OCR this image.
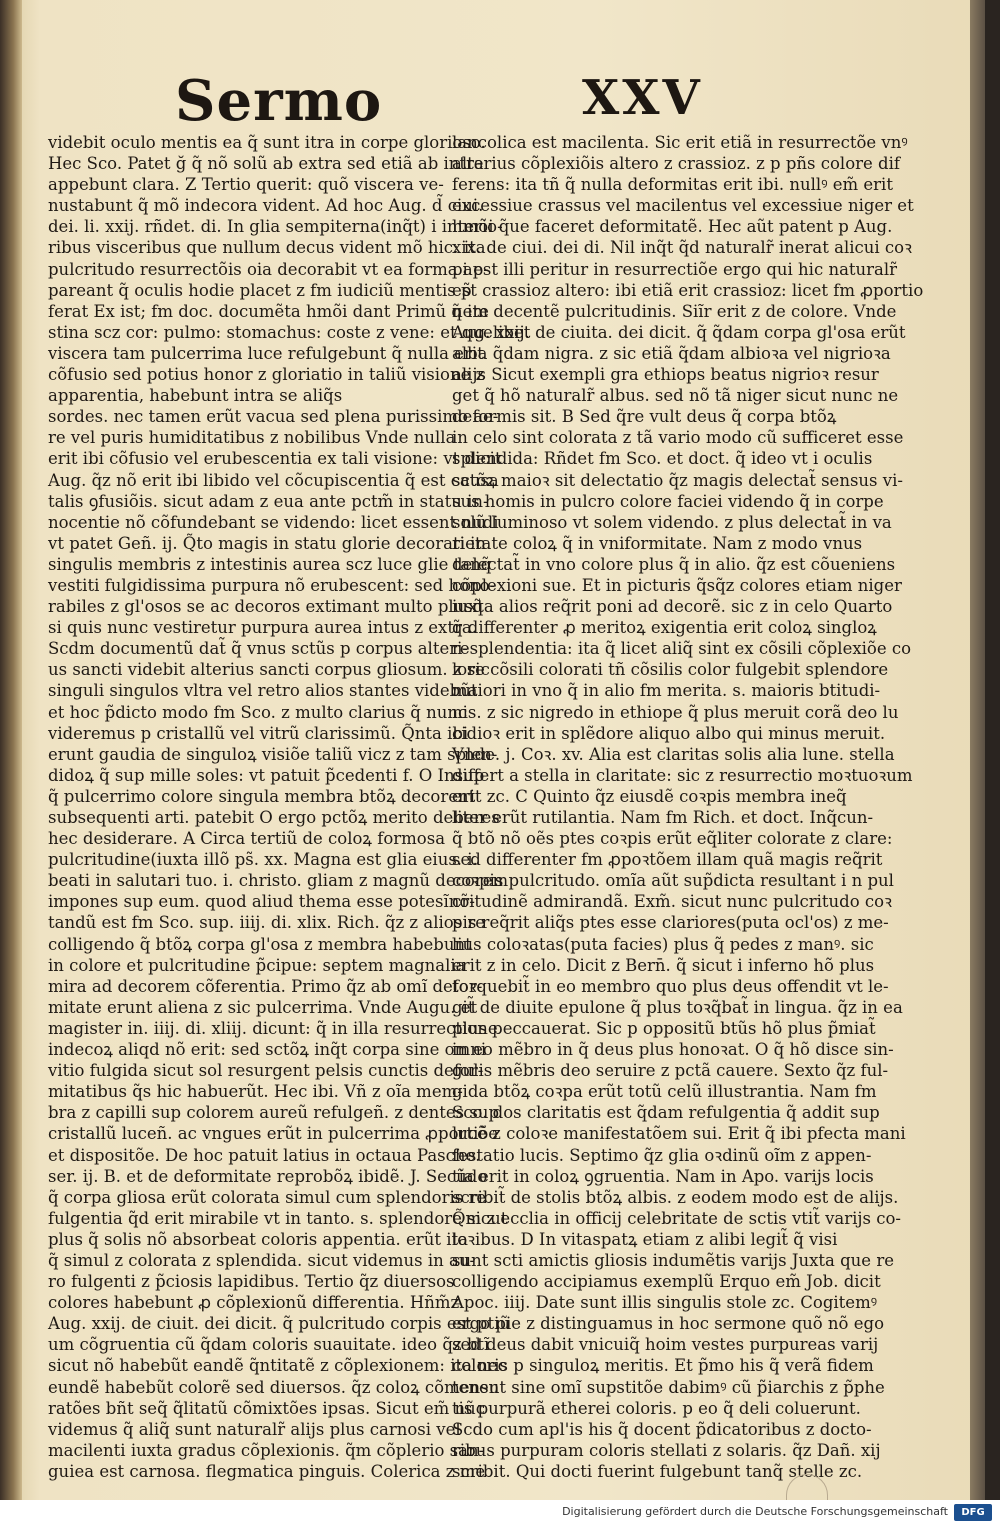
Sermo	XXV
videbit oculo mentis ea q̃ sunt itra in corpe glorioso.
Hec Sco. Patet ğ q̃ nõ solũ ab extra sed etiã ab intra
appebunt clara. Z Tertio querit: quõ viscera ve-
nustabunt q̃ mõ indecora vident. Ad hoc Aug. d̃ ciui.
dei. li. xxij. rñdet. di. In glia sempiterna(inq̃t) i interio-
ribus visceribus que nullum decus vident mõ hic: ita
pulcritudo resurrectõis oia decorabit vt ea forma ap-
pareant q̃ oculis hodie placet z fm iudiciũ mentis p̃
ferat Ex ist; fm doc. documẽta hmõi dant Primũ q̃ ite
stina scz cor: pulmo: stomachus: coste z vene: et quelibet
viscera tam pulcerrima luce refulgebunt q̃ nulla erit
cõfusio sed potius honor z gloriatio in taliũ visione z
apparentia, habebunt intra se aliq̃s
sordes. nec tamen erũt vacua sed plena purissimo ae-
re vel puris humiditatibus z nobilibus Vnde nulla
erit ibi cõfusio vel erubescentia ex tali visione: vt dicit
Aug. q̃z nõ erit ibi libido vel cõcupiscentia q̃ est causa
talis ꝯfusiõis. sicut adam z eua ante pctm̃ in statu in-
nocentie nõ cõfundebant se videndo: licet essent nudi
vt patet Geñ. ij. Q̃to magis in statu glorie decorati in
singulis membris z intestinis aurea scz luce glie tanq̃
vestiti fulgidissima purpura nõ erubescent: sed hono-
rabiles z gl'osos se ac decoros extimant multo plusq̃
si quis nunc vestiretur purpura aurea intus z extra.
Scdm documentũ dat̃ q̃ vnus sctũs p corpus alteri-
us sancti videbit alterius sancti corpus gliosum. z sic
singuli singulos vltra vel retro alios stantes videbũt
et hoc p̃dicto modo fm Sco. z multo clarius q̃ nunc
videremus p cristallũ vel vitrũ clarissimũ. Q̃nta ibi
erunt gaudia de singuloꝝ visiõe taliũ vicz z tam splen-
didoꝝ q̃ sup mille soles: vt patuit p̃cedenti f. O Insup
q̃ pulcerrimo colore singula membra btõꝝ decorent
subsequenti arti. patebit O ergo pctõꝝ merito deberes
hec desiderare. A Circa tertiũ de coloꝝ formosa
pulcritudine(iuxta illõ ps̃. xx. Magna est glia eius. i.
beati in salutari tuo. i. christo. gliam z magnũ decorem
impones sup eum. quod aliud thema esse potesĩnõ-
tandũ est fm Sco. sup. iiij. di. xlix. Rich. q̃z z alios re
colligendo q̃ btõꝝ corpa gl'osa z membra habebunt
in colore et pulcritudine p̃cipue: septem magnalia
mira ad decorem cõferentia. Primo q̃z ab omĩ defor-
mitate erunt aliena z sic pulcerrima. Vnde Augu. et
magister in. iiij. di. xliij. dicunt: q̃ in illa resurrectione
indecoꝝ aliqd nõ erit: sed sctõꝝ inq̃t corpa sine omni
vitio fulgida sicut sol resurgent pelsis cunctis defor-
mitatibus q̃s hic habuerũt. Hec ibi. Vñ z oĩa mem-
bra z capilli sup colorem aureũ refulgeñ. z dentes sup
cristallũ luceñ. ac vngues erũt in pulcerrima ꝓportiõe
et dispositõe. De hoc patuit latius in octaua Pasche.
ser. ij. B. et de deformitate reprobõꝝ ibidẽ. J. Secũdo
q̃ corpa gliosa erũt colorata simul cum splendoris re
fulgentia q̃d erit mirabile vt in tanto. s. splendore sicut
plus q̃ solis nõ absorbeat coloris appentia. erũt ita
q̃ simul z colorata z splendida. sicut videmus in au-
ro fulgenti z p̃ciosis lapidibus. Tertio q̃z diuersos
colores habebunt ꝓ cõplexionũ differentia. Hñm̃z
Aug. xxij. de ciuit. dei dicit. q̃ pulcritudo corpis est ptiũ
um cõgruentia cũ q̃dam coloris suauitate. ideo q̃z btĩ
sicut nõ habebũt eandẽ q̃ntitatẽ z cõplexionem: ita nec
eundẽ habebũt colorẽ sed diuersos. q̃z coloꝝ cõmensu
ratões bñt seq̃ q̃litatũ cõmixtões ipsas. Sicut em̃ nũc
videmus q̃ aliq̃ sunt naturalr̃ alijs plus carnosi vel
macilenti iuxta gradus cõplexionis. q̃m cõplerio san-
guiea est carnosa. flegmatica pinguis. Colerica z me
lancolica est macilenta. Sic erit etiã in resurrectõe vnꝰ
alterius cõplexiõis altero z crassioz. z p pñs colore dif
ferens: ita tñ q̃ nulla deformitas erit ibi. nullꝰ em̃ erit
excessiue crassus vel macilentus vel excessiue niger et
hmõi q̃ue faceret deformitatẽ. Hec aũt patent p Aug.
xix. de ciui. dei di. Nil inq̃t q̃d naturalr̃ inerat alicui coꝛ
pi est illi peritur in resurrectiõe ergo qui hic naturalr̃
est crassioz altero: ibi etiã erit crassioz: licet fm ꝓportio
nem decentẽ pulcritudinis. Siĩr erit z de colore. Vnde
Aug. xxij. de ciuita. dei dicit. q̃ q̃dam corpa gl'osa erũt
alba q̃dam nigra. z sic etiã q̃dam albioꝛa vel nigrioꝛa
alijs Sicut exempli gra ethiops beatus nigrioꝛ resur
get q̃ hõ naturalr̃ albus. sed nõ tã niger sicut nunc ne
deformis sit. B Sed q̃re vult deus q̃ corpa btõꝝ
in celo sint colorata z tã vario modo cũ sufficeret esse
splendida: Rñdet fm Sco. et doct. q̃ ideo vt i oculis
sctõꝝ maioꝛ sit delectatio q̃z magis delectat̃ sensus vi-
sus homis in pulcro colore faciei videndo q̃ in corpe
solũ luminoso vt solem videndo. z plus delectat̃ in va
rietate coloꝝ q̃ in vniformitate. Nam z modo vnus
delectat̃ in vno colore plus q̃ in alio. q̃z est cõueniens
cõplexioni sue. Et in picturis q̃sq̃z colores etiam niger
iuxta alios req̃rit poni ad decorẽ. sic z in celo Quarto
q̃ differenter ꝓ meritoꝝ exigentia erit coloꝝ singloꝝ
resplendentia: ita q̃ licet aliq̃ sint ex cõsili cõplexiõe co
lore cõsili colorati tñ cõsilis color fulgebit splendore
maiori in vno q̃ in alio fm merita. s. maioris btitudi-
nis. z sic nigredo in ethiope q̃ plus meruit corã deo lu
cidioꝛ erit in splẽdore aliquo albo qui minus meruit.
Vnde. j. Coꝛ. xv. Alia est claritas solis alia lune. stella
differt a stella in claritate: sic z resurrectio moꝛtuoꝛum
erit zc. C Quinto q̃z eiusdẽ coꝛpis membra ineq̃
liter erũt rutilantia. Nam fm Rich. et doct. Inq̃cun-
q̃ btõ nõ oẽs ptes coꝛpis erũt eq̃liter colorate z clare:
sed differenter fm ꝓpoꝛtõem illam quã magis req̃rit
coꝛpis pulcritudo. omĩa aũt sup̃dicta resultant i n pul
critudinẽ admirandã. Exm̃. sicut nunc pulcritudo coꝛ
pis req̃rit aliq̃s ptes esse clariores(puta ocl'os) z me-
lius coloꝛatas(puta facies) plus q̃ pedes z manꝰ. sic
erit z in celo. Dicit z Bern̄. q̃ sicut i inferno hõ plus
toꝛquebit̃ in eo membro quo plus deus offendit vt le-
git̃ de diuite epulone q̃ plus toꝛq̃bat̃ in lingua. q̃z in ea
plus peccauerat. Sic p oppositũ btũs hõ plus p̃miat̃
in eo mẽbro in q̃ deus plus honoꝛat. O q̃ hõ disce sin-
gulis mẽbris deo seruire z pctã cauere. Sexto q̃z ful-
gida btõꝝ coꝛpa erũt totũ celũ illustrantia. Nam fm
Sco. dos claritatis est q̃dam refulgentia q̃ addit sup
lucẽ z coloꝛe manifestatõem sui. Erit q̃ ibi pfecta mani
festatio lucis. Septimo q̃z glia oꝛdinũ oĩm z appen-
tia erit in coloꝝ ꝯgruentia. Nam in Apo. varijs locis
scribit̃ de stolis btõꝝ albis. z eodem modo est de alijs.
Q̃m z ecclia in officij celebritate de sctis vtit̃ varijs co-
loꝛibus. D In vitaspatꝝ etiam z alibi legit̃ q̃ visi
sunt scti amictis gliosis indumẽtis varijs Juxta que re
colligendo accipiamus exemplũ Erquo em̃ Job. dicit
Apoc. iiij. Date sunt illis singulis stole zc. Cogitemꝰ
ergo pie z distinguamus in hoc sermone quõ nõ ego
sed deus dabit vnicuiq̃ hoim vestes purpureas varij
coloris p singuloꝝ meritis. Et p̃mo his q̃ verã fidem
tenent sine omĩ supstitõe dabimꝰ cũ p̃iarchis z p̃phe
tis purpurã etherei coloris. p eo q̃ deli coluerunt.
Scdo cum apl'is his q̃ docent p̃dicatoribus z docto-
ribus purpuram coloris stellati z solaris. q̃z Dañ. xij
scribit. Qui docti fuerint fulgebunt tanq̃ stelle zc.
Digitalisierung gefördert durch die Deutsche Forschungsgemeinschaft	DFG
